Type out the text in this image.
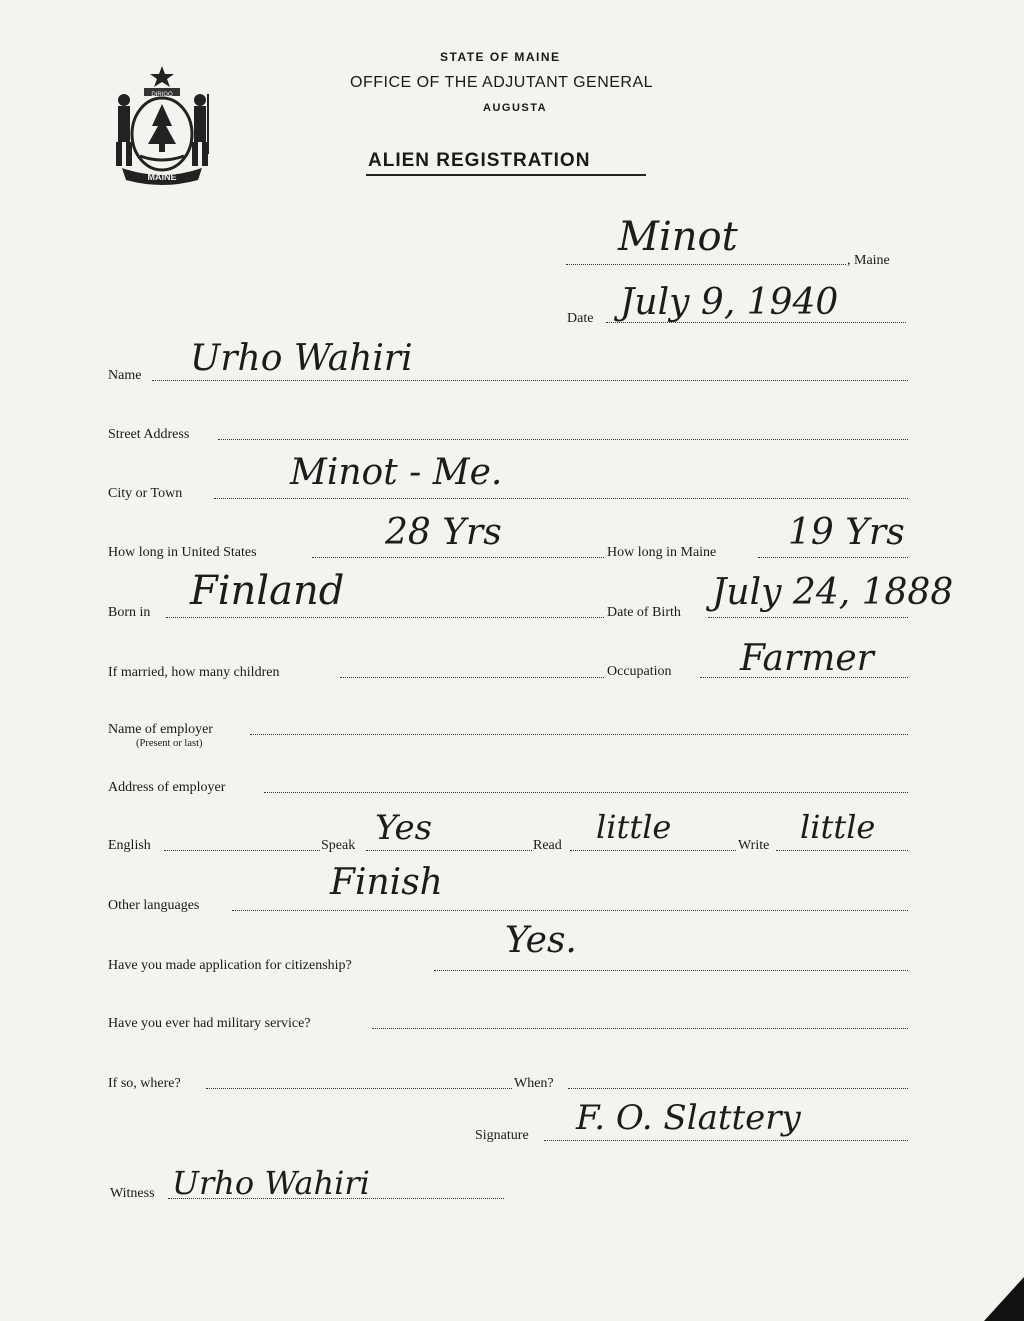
MAINE
DIRIGO
STATE OF MAINE
OFFICE OF THE ADJUTANT GENERAL
AUGUSTA
ALIEN REGISTRATION
, Maine
Minot
Date July 9, 1940
Name Urho Wahiri
Street Address
City or Town
Minot - Me.
How long in United States	28 Yrs	How long in Maine 19 Yrs
Born in Finland	Date of Birth July 24, 1888
If married, how many children	Occupation Farmer
Name of employer
(Present or last)
Address of employer
English	Speak Yes	Read little	Write little
Other languages
Finish
Have you made application for citizenship?
Yes.
Have you ever had military service?
If so, where?	When?
Signature F. O. Slattery
Witness Urho Wahiri
